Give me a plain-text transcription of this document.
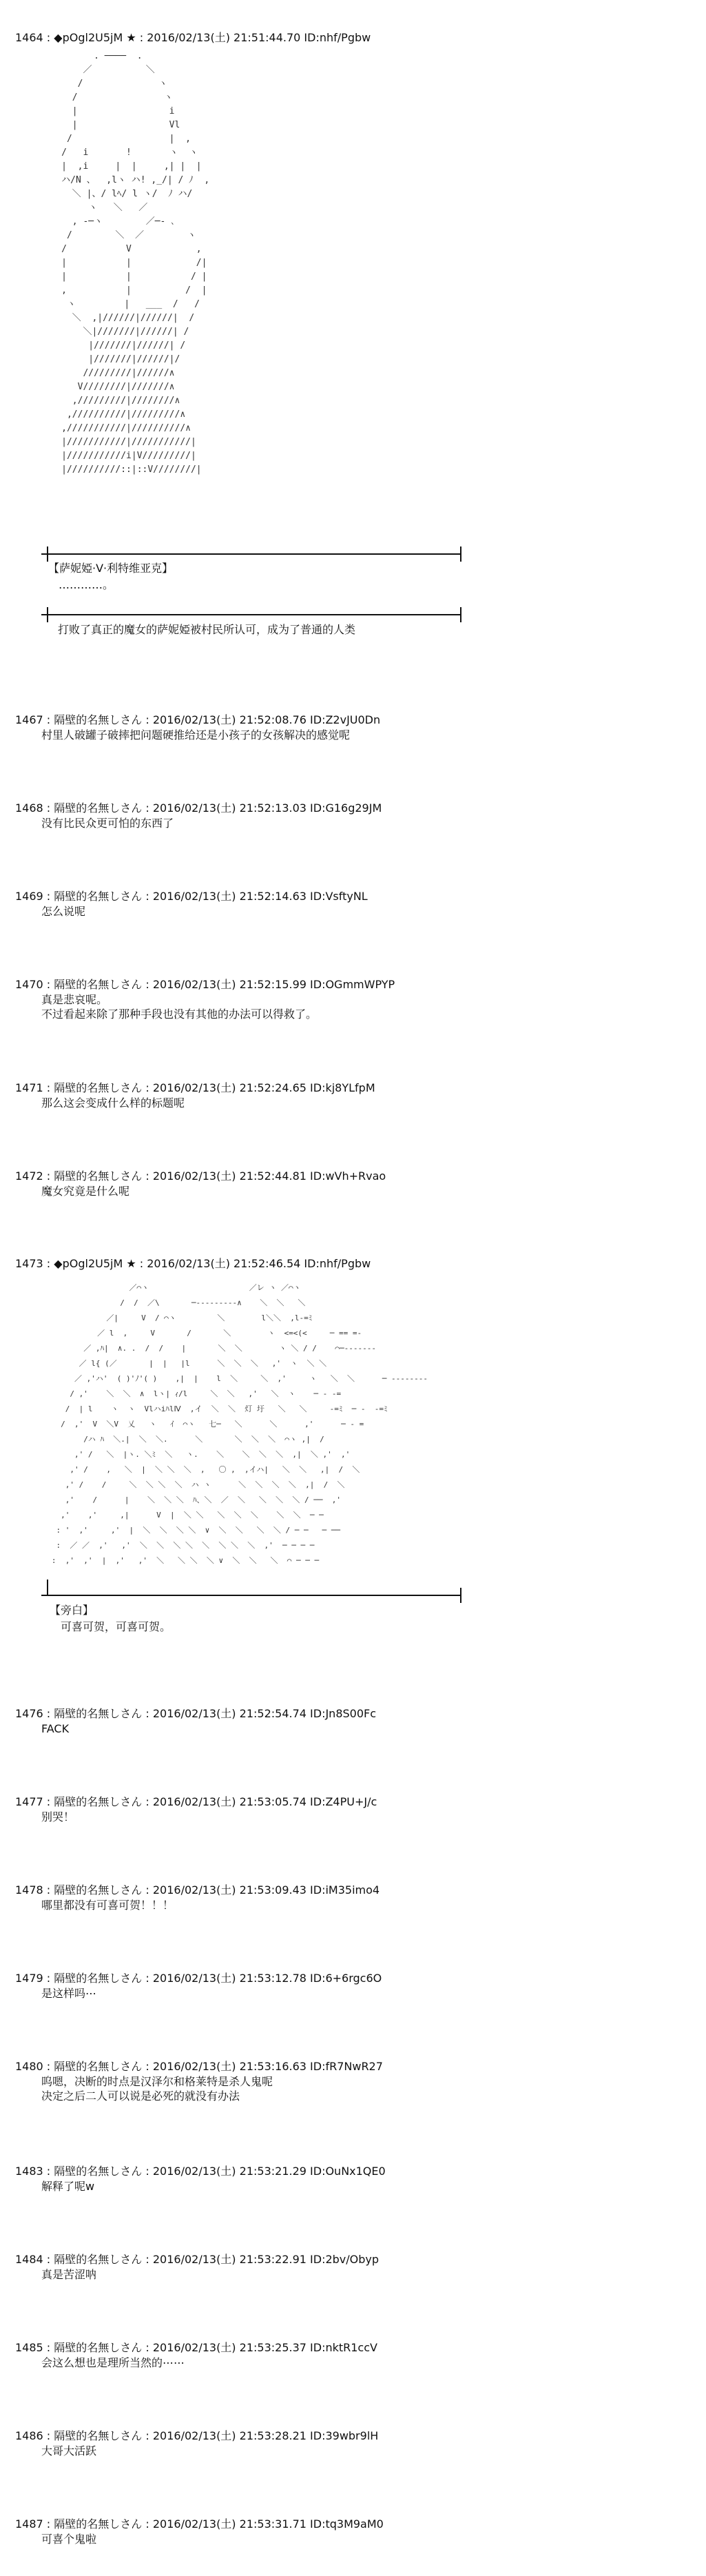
1464 : ◆pOgl2U5jM ★ : 2016/02/13(土) 21:51:44.70 ID:nhf/Pgbw
. ────  .
／          ＼
/              ヽ
/                ヽ
|                 i
|                 Vl
/                  |  ,
/   i       !       ヽ  ヽ
|  ,i     |  |     ,| |  |
ハ/N 、  ,lヽ ハ! ,_/| / ﾉ  ,
＼ |、/ lﾍ/ l ヽ/  ﾉ ハ/
ヽ   ＼   ／
, -─ヽ        ／─‐ ､
/        ＼  ／        ヽ
/           V            ,
|           |            /|
|           |           / |
,           |          /  |
ヽ         |   ___  /   /
＼  ,|//////|//////|  /
＼|///////|//////| /
|///////|//////| /
|///////|//////|/
/////////|//////∧
V////////|///////∧
,/////////|////////∧
,//////////|/////////∧
,///////////|//////////∧
|///////////|///////////|
|///////////i|V/////////|
|//////////::|::V////////|
【萨妮婭·V·利特维亚克】
…………。
打败了真正的魔女的萨妮婭被村民所认可，成为了普通的人类
1467 : 隔壁的名無しさん : 2016/02/13(土) 21:52:08.76 ID:Z2vJU0Dn
村里人破罐子破摔把问题硬推给还是小孩子的女孩解决的感觉呢
1468 : 隔壁的名無しさん : 2016/02/13(土) 21:52:13.03 ID:G16g29JM
没有比民众更可怕的东西了
1469 : 隔壁的名無しさん : 2016/02/13(土) 21:52:14.63 ID:VsftyNL
怎么说呢
1470 : 隔壁的名無しさん : 2016/02/13(土) 21:52:15.99 ID:OGmmWPYP
真是悲哀呢。
不过看起来除了那种手段也没有其他的办法可以得救了。
1471 : 隔壁的名無しさん : 2016/02/13(土) 21:52:24.65 ID:kj8YLfpM
那么这会变成什么样的标题呢
1472 : 隔壁的名無しさん : 2016/02/13(土) 21:52:44.81 ID:wVh+Rvao
魔女究竟是什么呢
1473 : ◆pOgl2U5jM ★ : 2016/02/13(土) 21:52:46.54 ID:nhf/Pgbw
／⌒ヽ                      ／レ ヽ ／⌒ヽ
/  /  ／\       ─‐‐‐‐-‐‐--∧    ＼  ＼   ＼
／|     V  / ⌒ヽ         ＼        l＼＼  ,l-=ﾐ
／ l  ,     V       /       ＼        ヽ  <=<(<     ─ == =-
／ ,ﾊ|  ∧. .  /  /    |       ＼  ＼        ヽ ＼ / /    ⌒─-‐‐‐‐--
／ l{ (／       |  |   |l      ＼  ＼  ＼   ,'  ヽ  ＼ ＼
／ ,'ハ'  ( )'ﾉ'( )    ,|  |    l  ＼     ＼  ,'     ヽ   ＼  ＼      ─ ‐‐‐‐-‐--
/ ,'    ＼  ＼  ∧  lヽ| ｨ/l     ＼  ＼   ,'   ＼  ヽ    ─ ‐ -=
/  | l    ヽ  ヽ  VlハiﾊlⅣ  ,イ  ＼  ＼  灯 圩   ＼   ＼     -=ﾐ  ─ ‐  -=ﾐ
/  ,'  V  ＼V  乂   ヽ   ｲ  ⌒ヽ   七─   ＼      ＼      ,'      ─ ‐ =
/ハ ﾊ  ＼.|  ＼  ＼.      ＼       ＼  ＼  ＼  ⌒ヽ ,|  /
,' /   ＼  |ヽ. ＼ﾐ  ＼   ヽ.    ＼    ＼  ＼  ＼  ,|  ＼ ,'  ,'
,' /    ,   ＼  |  ＼ ＼  ＼  ,   〇 ,  ,イハ|   ＼  ＼   ,|  /  ＼
,' /    /     ＼  ＼ ＼  ＼  ハ ヽ      ＼  ＼  ＼  ＼  ,|  /  ＼
,'    /      |    ＼  ＼ ＼  ﾊ、＼  ／  ＼   ＼  ＼  ＼ / ──  ,'
,'    ,'     ,|      V  |  ＼ ＼   ＼  ＼  ＼    ＼  ＼  ─ ─
: '  ,'     ,'  |  ＼  ＼  ＼ ＼  ∨  ＼  ＼   ＼  ＼ / ─ ─   ─ ──
:  ／ ／  ,'   ,'  ＼  ＼  ＼ ＼  ＼  ＼ ＼  ＼  ,'  ─ ─ ─ ─
:  ,'  ,'  |  ,'   ,'  ＼   ＼ ＼  ＼ ∨  ＼  ＼   ＼  ⌒ ─ ─ ─
【旁白】
可喜可贺，可喜可贺。
1476 : 隔壁的名無しさん : 2016/02/13(土) 21:52:54.74 ID:Jn8S00Fc
FACK
1477 : 隔壁的名無しさん : 2016/02/13(土) 21:53:05.74 ID:Z4PU+J/c
别哭！
1478 : 隔壁的名無しさん : 2016/02/13(土) 21:53:09.43 ID:iM35imo4
哪里都没有可喜可贺！！！
1479 : 隔壁的名無しさん : 2016/02/13(土) 21:53:12.78 ID:6+6rgc6O
是这样吗⋯
1480 : 隔壁的名無しさん : 2016/02/13(土) 21:53:16.63 ID:fR7NwR27
呜嗯，决断的时点是汉泽尔和格莱特是杀人鬼呢
决定之后二人可以说是必死的就没有办法
1483 : 隔壁的名無しさん : 2016/02/13(土) 21:53:21.29 ID:OuNx1QE0
解释了呢w
1484 : 隔壁的名無しさん : 2016/02/13(土) 21:53:22.91 ID:2bv/Obyp
真是苦涩呐
1485 : 隔壁的名無しさん : 2016/02/13(土) 21:53:25.37 ID:nktR1ccV
会这么想也是理所当然的⋯⋯
1486 : 隔壁的名無しさん : 2016/02/13(土) 21:53:28.21 ID:39wbr9lH
大哥大活跃
1487 : 隔壁的名無しさん : 2016/02/13(土) 21:53:31.71 ID:tq3M9aM0
可喜个鬼啦
